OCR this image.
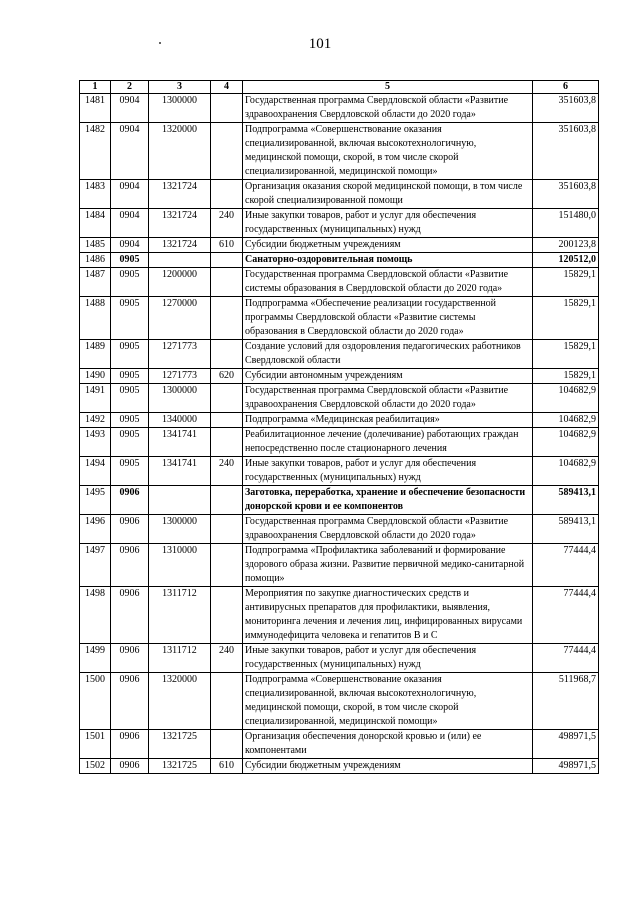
101
1	2	3	4	5	6
1481	0904	1300000		Государственная программа Свердловской области «Развитие здравоохранения Свердловской области до 2020 года»	351603,8
1482	0904	1320000		Подпрограмма «Совершенствование оказания специализированной, включая высокотехнологичную, медицинской помощи, скорой, в том числе скорой специализированной, медицинской помощи»	351603,8
1483	0904	1321724		Организация оказания скорой медицинской помощи, в том числе скорой специализированной помощи	351603,8
1484	0904	1321724	240	Иные закупки товаров, работ и услуг для обеспечения государственных (муниципальных) нужд	151480,0
1485	0904	1321724	610	Субсидии бюджетным учреждениям	200123,8
1486	0905			Санаторно-оздоровительная помощь	120512,0
1487	0905	1200000		Государственная программа Свердловской области «Развитие системы образования в Свердловской области до 2020 года»	15829,1
1488	0905	1270000		Подпрограмма «Обеспечение реализации государственной программы Свердловской области «Развитие системы образования в Свердловской области до 2020 года»	15829,1
1489	0905	1271773		Создание условий для оздоровления педагогических работников Свердловской области	15829,1
1490	0905	1271773	620	Субсидии автономным учреждениям	15829,1
1491	0905	1300000		Государственная программа Свердловской области «Развитие здравоохранения Свердловской области до 2020 года»	104682,9
1492	0905	1340000		Подпрограмма «Медицинская реабилитация»	104682,9
1493	0905	1341741		Реабилитационное лечение (долечивание) работающих граждан непосредственно после стационарного лечения	104682,9
1494	0905	1341741	240	Иные закупки товаров, работ и услуг для обеспечения государственных (муниципальных) нужд	104682,9
1495	0906			Заготовка, переработка, хранение и обеспечение безопасности донорской крови и ее компонентов	589413,1
1496	0906	1300000		Государственная программа Свердловской области «Развитие здравоохранения Свердловской области до 2020 года»	589413,1
1497	0906	1310000		Подпрограмма «Профилактика заболеваний и формирование здорового образа жизни. Развитие первичной медико-санитарной помощи»	77444,4
1498	0906	1311712		Мероприятия по закупке диагностических средств и антивирусных препаратов для профилактики, выявления, мониторинга лечения и лечения лиц, инфицированных вирусами иммунодефицита человека и гепатитов В и С	77444,4
1499	0906	1311712	240	Иные закупки товаров, работ и услуг для обеспечения государственных (муниципальных) нужд	77444,4
1500	0906	1320000		Подпрограмма «Совершенствование оказания специализированной, включая высокотехнологичную, медицинской помощи, скорой, в том числе скорой специализированной, медицинской помощи»	511968,7
1501	0906	1321725		Организация обеспечения донорской кровью и (или) ее компонентами	498971,5
1502	0906	1321725	610	Субсидии бюджетным учреждениям	498971,5
